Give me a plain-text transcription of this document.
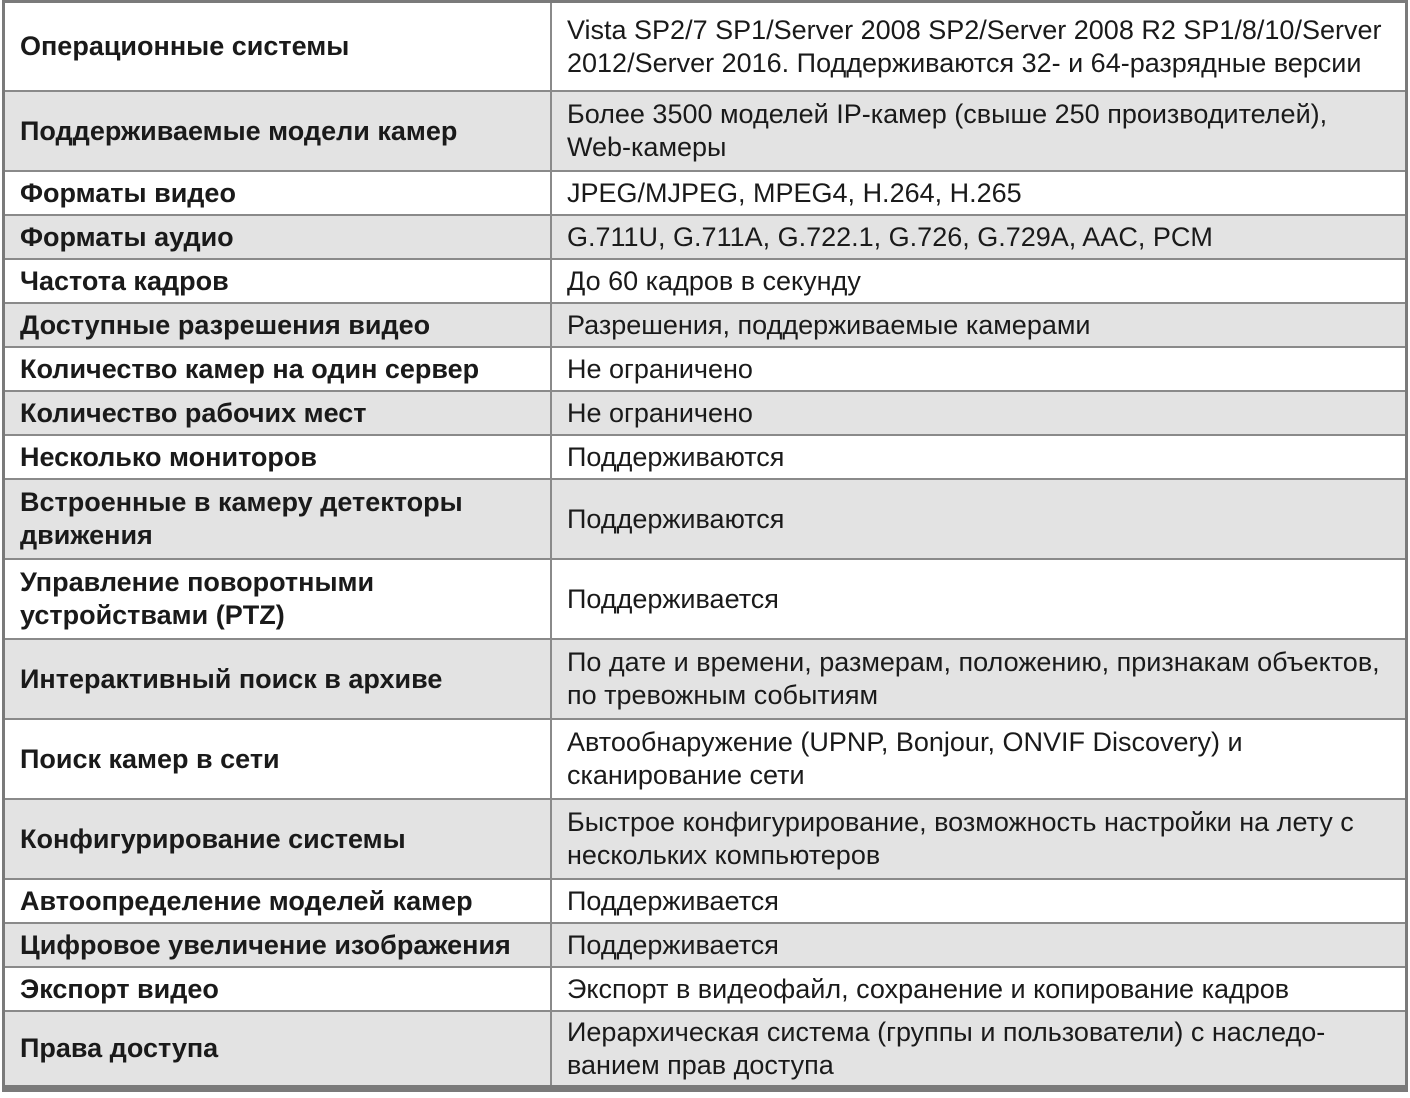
Операционные системы	Vista SP2/7 SP1/Server 2008 SP2/Server 2008 R2 SP1/8/10/Server 2012/Server 2016. Поддерживаются 32- и 64-разрядные версии
Поддерживаемые модели камер	Более 3500 моделей IP-камер (свыше 250 производителей), Web-камеры
Форматы видео	JPEG/MJPEG, MPEG4, H.264, H.265
Форматы аудио	G.711U, G.711A, G.722.1, G.726, G.729A, AAC, PCM
Частота кадров	До 60 кадров в секунду
Доступные разрешения видео	Разрешения, поддерживаемые камерами
Количество камер на один сервер	Не ограничено
Количество рабочих мест	Не ограничено
Несколько мониторов	Поддерживаются
Встроенные в камеру детекторы движения	Поддерживаются
Управление поворотными устройствами (PTZ)	Поддерживается
Интерактивный поиск в архиве	По дате и времени, размерам, положению, признакам объектов, по тревожным событиям
Поиск камер в сети	Автообнаружение (UPNP, Bonjour, ONVIF Discovery) и сканирование сети
Конфигурирование системы	Быстрое конфигурирование, возможность настройки на лету с нескольких компьютеров
Автоопределение моделей камер	Поддерживается
Цифровое увеличение изображения	Поддерживается
Экспорт видео	Экспорт в видеофайл, сохранение и копирование кадров
Права доступа	Иерархическая система (группы и пользователи) с наследо-ванием прав доступа
